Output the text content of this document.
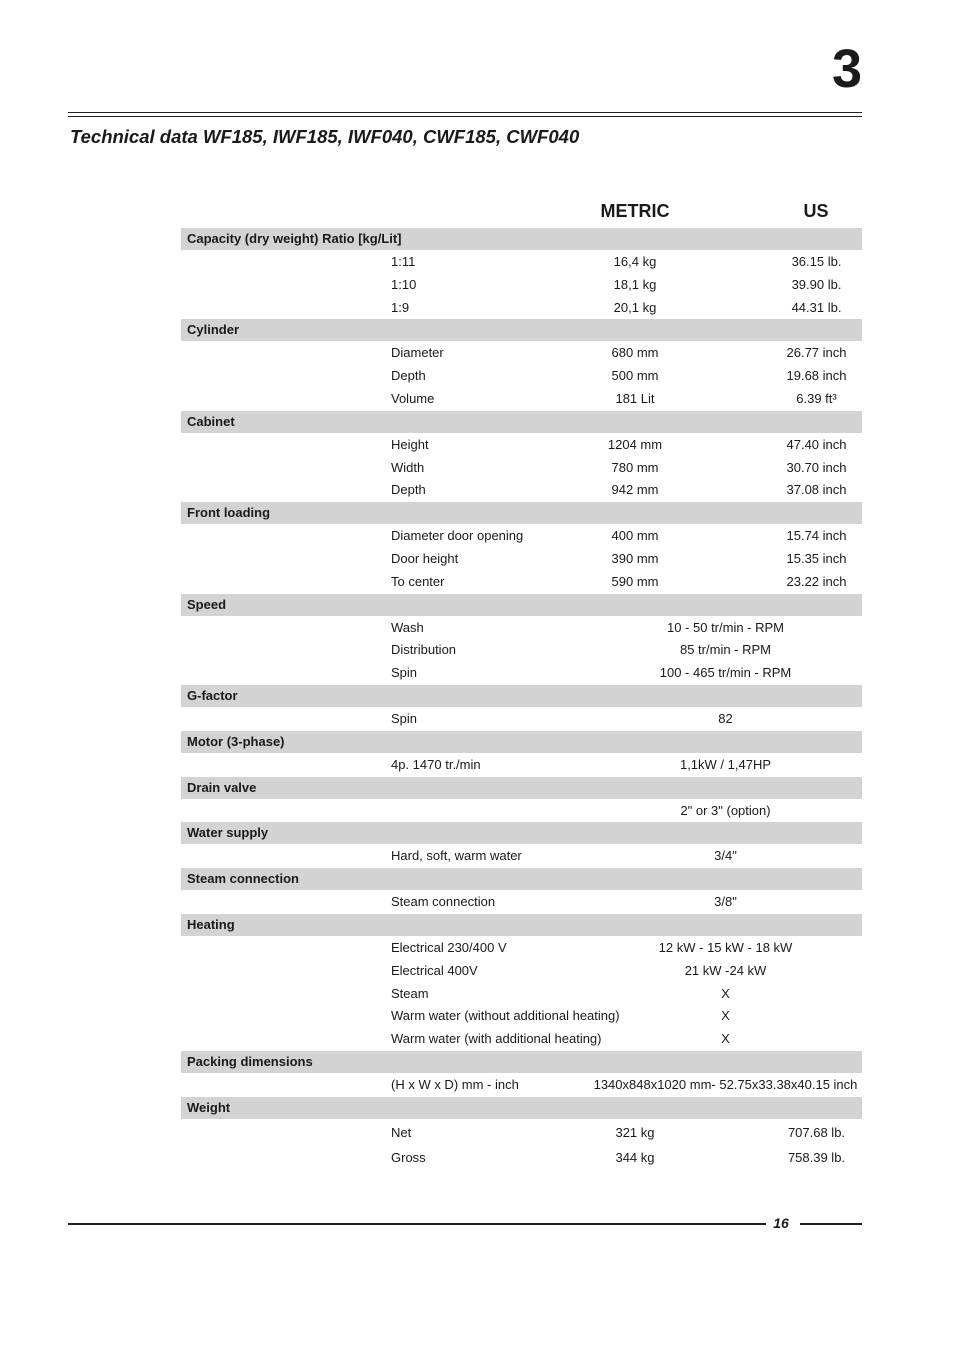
3
Technical data WF185, IWF185, IWF040, CWF185, CWF040
METRIC	US
Capacity (dry weight) Ratio [kg/Lit]
1:11	16,4 kg	36.15 lb.
1:10	18,1 kg	39.90 lb.
1:9	20,1 kg	44.31 lb.
Cylinder
Diameter	680 mm	26.77 inch
Depth	500 mm	19.68 inch
Volume	181 Lit	6.39 ft³
Cabinet
Height	1204 mm	47.40 inch
Width	780 mm	30.70 inch
Depth	942 mm	37.08 inch
Front loading
Diameter door opening	400 mm	15.74 inch
Door height	390 mm	15.35 inch
To center	590 mm	23.22 inch
Speed
Wash	10 - 50 tr/min - RPM
Distribution	85 tr/min - RPM
Spin	100 - 465 tr/min - RPM
G-factor
Spin	82
Motor (3-phase)
4p. 1470 tr./min	1,1kW / 1,47HP
Drain valve
2" or 3" (option)
Water supply
Hard, soft, warm water	3/4"
Steam connection
Steam connection	3/8"
Heating
Electrical 230/400 V	12 kW - 15 kW - 18 kW
Electrical 400V	21 kW -24 kW
Steam	X
Warm water (without additional heating)	X
Warm water (with additional heating)	X
Packing dimensions
(H x W x D) mm - inch	1340x848x1020 mm- 52.75x33.38x40.15 inch
Weight
Net	321 kg	707.68 lb.
Gross	344 kg	758.39 lb.
16
